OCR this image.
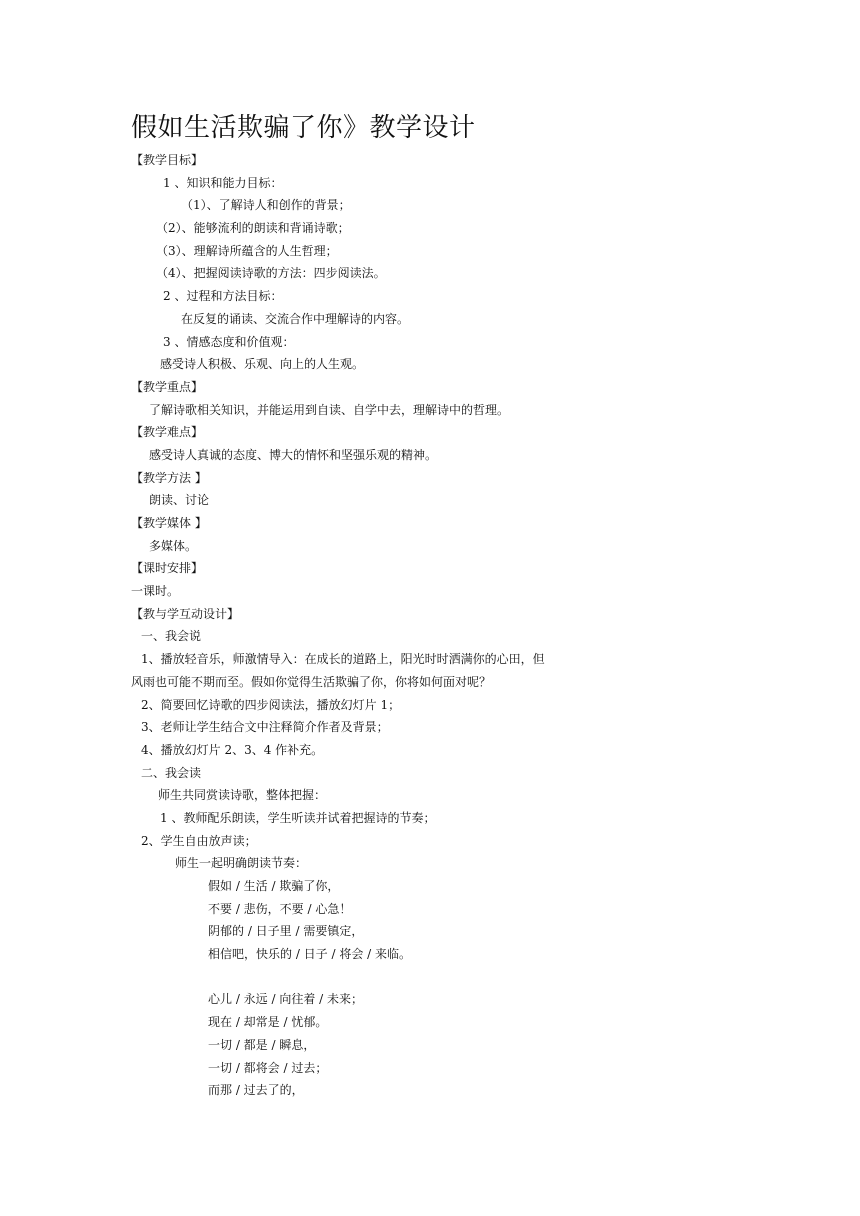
假如生活欺骗了你》教学设计
【教学目标】
1 、知识和能力目标：
（1）、了解诗人和创作的背景；
（2）、能够流利的朗读和背诵诗歌；
（3）、理解诗所蕴含的人生哲理；
（4）、把握阅读诗歌的方法：四步阅读法。
2 、过程和方法目标：
在反复的诵读、交流合作中理解诗的内容。
3 、情感态度和价值观：
感受诗人积极、乐观、向上的人生观。
【教学重点】
了解诗歌相关知识，并能运用到自读、自学中去，理解诗中的哲理。
【教学难点】
感受诗人真诚的态度、博大的情怀和坚强乐观的精神。
【教学方法 】
朗读、讨论
【教学媒体 】
多媒体。
【课时安排】
一课时。
【教与学互动设计】
一、我会说
1、播放轻音乐，师激情导入：在成长的道路上，阳光时时洒满你的心田，但
风雨也可能不期而至。假如你觉得生活欺骗了你，你将如何面对呢？
2、简要回忆诗歌的四步阅读法，播放幻灯片 1；
3、老师让学生结合文中注释简介作者及背景；
4、播放幻灯片 2、3、4 作补充。
二、我会读
师生共同赏读诗歌，整体把握：
1 、教师配乐朗读，学生听读并试着把握诗的节奏；
2、学生自由放声读；
师生一起明确朗读节奏：
假如 / 生活 / 欺骗了你，
不要 / 悲伤，不要 / 心急！
阴郁的 / 日子里 / 需要镇定，
相信吧，快乐的 / 日子 / 将会 / 来临。
心儿 / 永远 / 向往着 / 未来；
现在 / 却常是 / 忧郁。
一切 / 都是 / 瞬息，
一切 / 都将会 / 过去；
而那 / 过去了的，
